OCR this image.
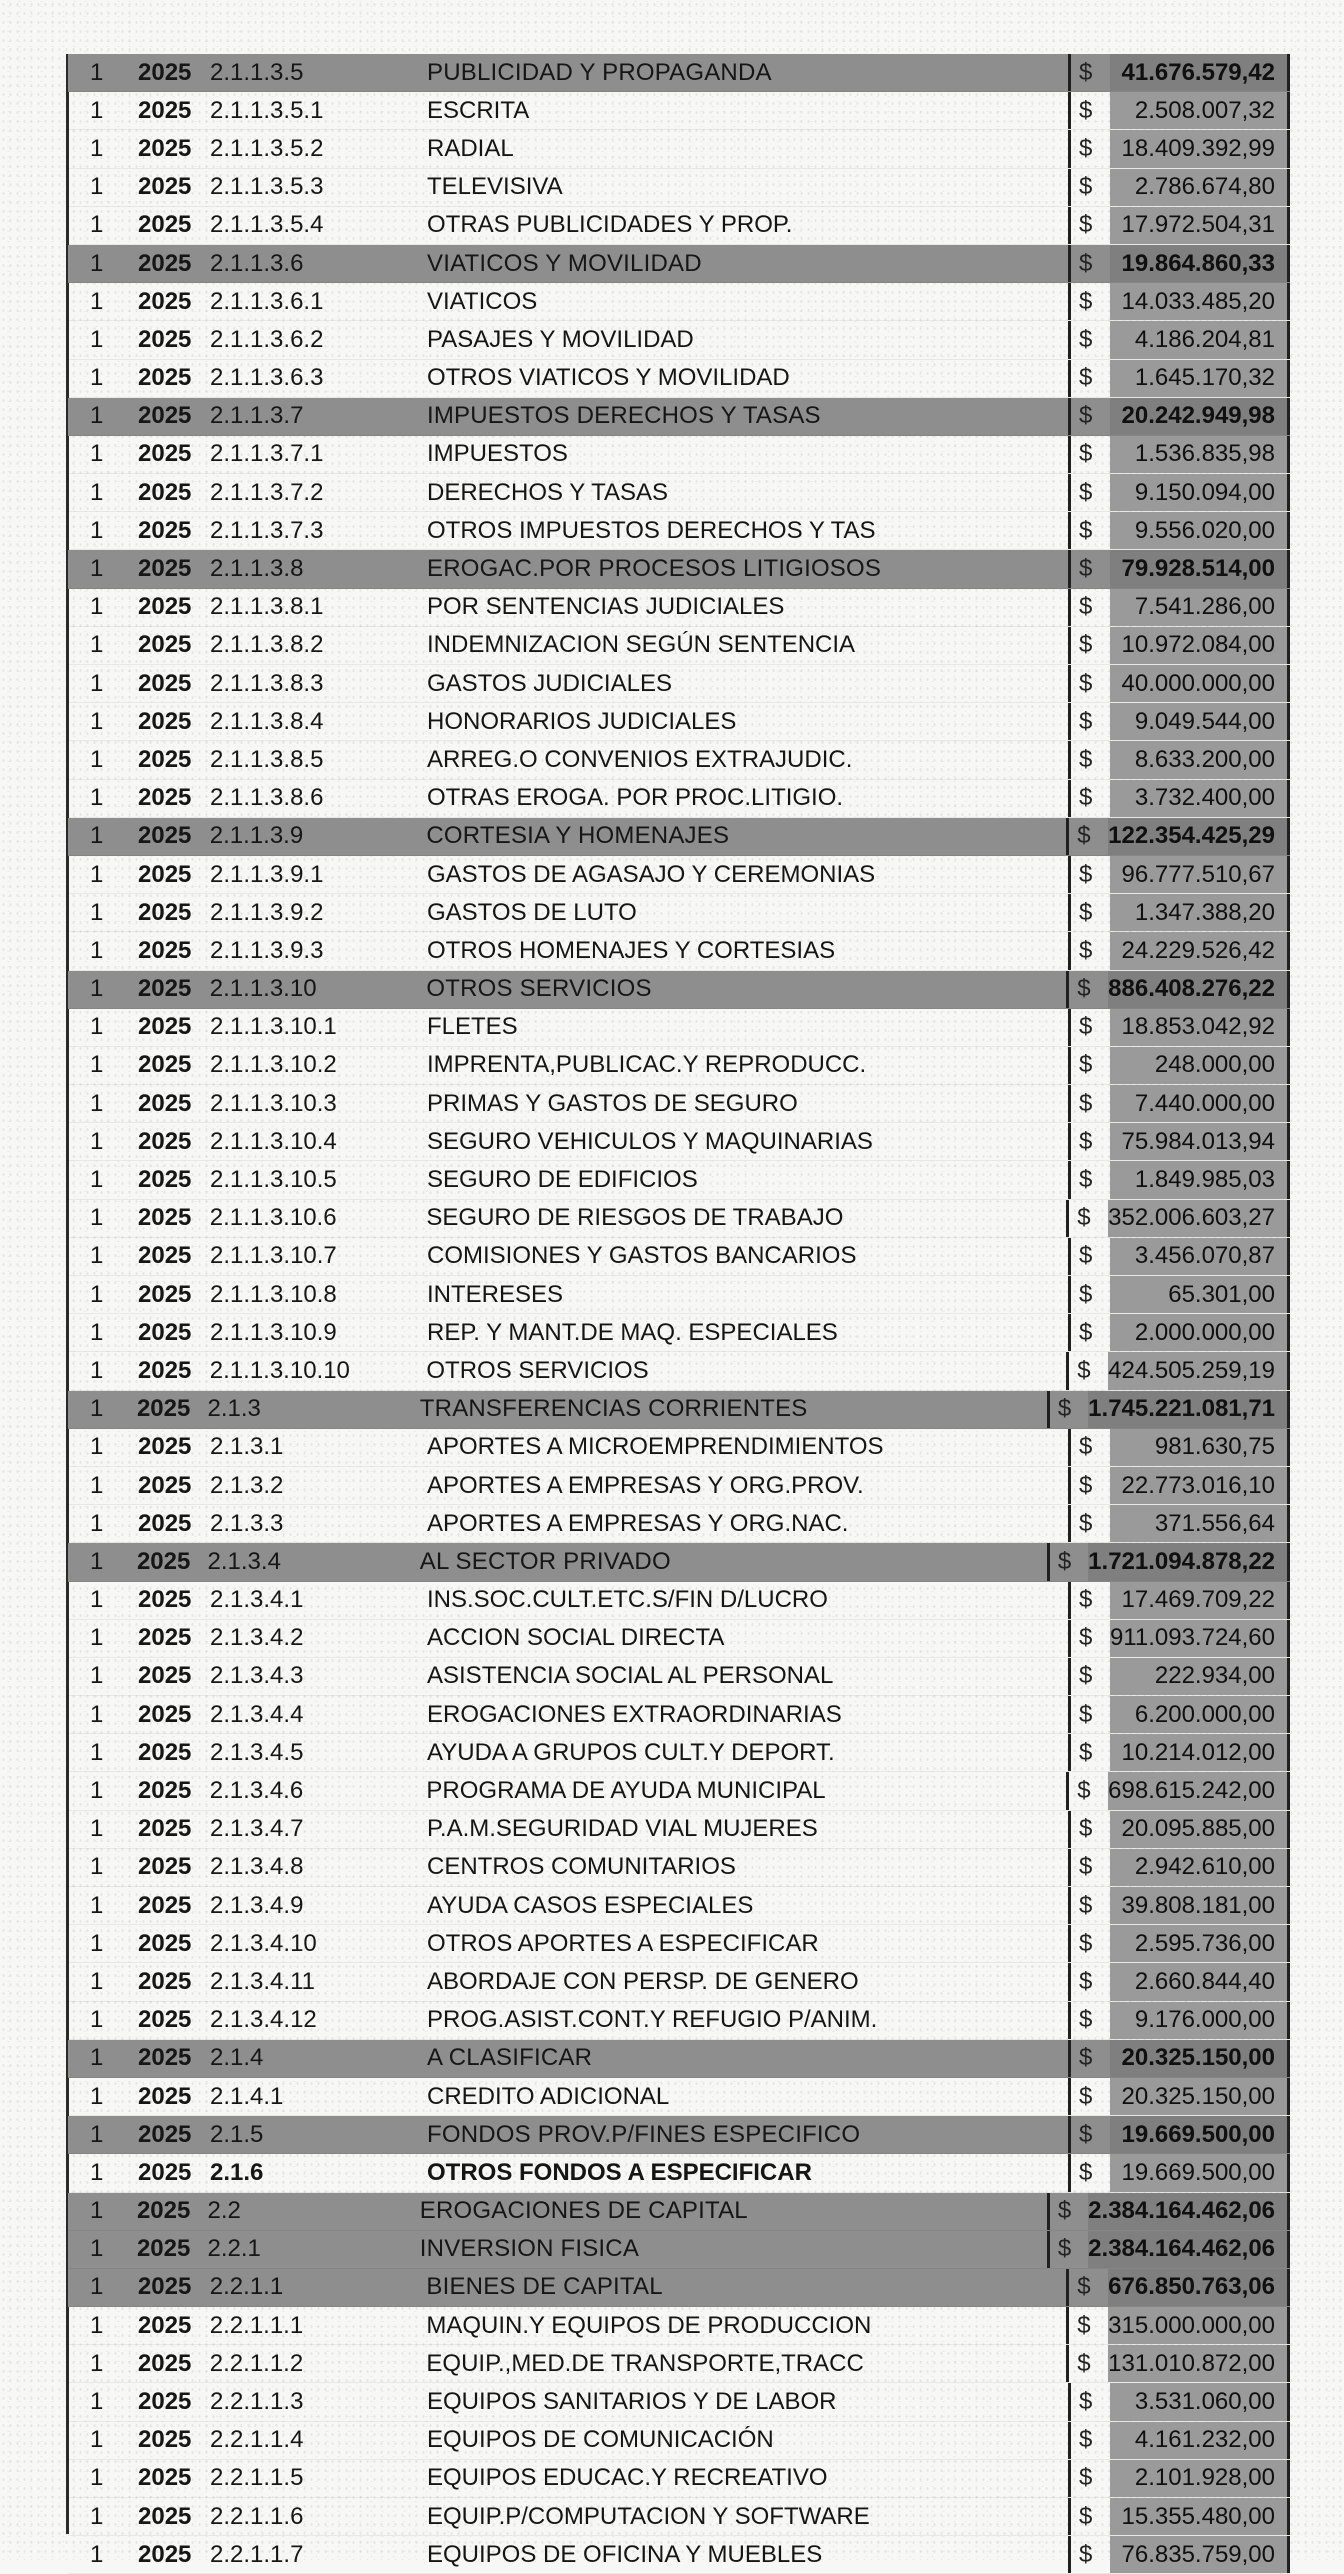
1	2025 2.1.1.3.5	PUBLICIDAD Y PROPAGANDA	$	41.676.579,42
1	2025 2.1.1.3.5.1	ESCRITA	$	2.508.007,32
1	2025 2.1.1.3.5.2	RADIAL	$	18.409.392,99
1	2025 2.1.1.3.5.3	TELEVISIVA	$	2.786.674,80
1	2025 2.1.1.3.5.4	OTRAS PUBLICIDADES Y PROP.	$	17.972.504,31
1	2025 2.1.1.3.6	VIATICOS Y MOVILIDAD	$	19.864.860,33
1	2025 2.1.1.3.6.1	VIATICOS	$	14.033.485,20
1	2025 2.1.1.3.6.2	PASAJES Y MOVILIDAD	$	4.186.204,81
1	2025 2.1.1.3.6.3	OTROS VIATICOS Y MOVILIDAD	$	1.645.170,32
1	2025 2.1.1.3.7	IMPUESTOS DERECHOS Y TASAS	$	20.242.949,98
1	2025 2.1.1.3.7.1	IMPUESTOS	$	1.536.835,98
1	2025 2.1.1.3.7.2	DERECHOS Y TASAS	$	9.150.094,00
1	2025 2.1.1.3.7.3	OTROS IMPUESTOS DERECHOS Y TAS	$	9.556.020,00
1	2025 2.1.1.3.8	EROGAC.POR PROCESOS LITIGIOSOS	$	79.928.514,00
1	2025 2.1.1.3.8.1	POR SENTENCIAS JUDICIALES	$	7.541.286,00
1	2025 2.1.1.3.8.2	INDEMNIZACION SEGÚN SENTENCIA	$	10.972.084,00
1	2025 2.1.1.3.8.3	GASTOS JUDICIALES	$	40.000.000,00
1	2025 2.1.1.3.8.4	HONORARIOS JUDICIALES	$	9.049.544,00
1	2025 2.1.1.3.8.5	ARREG.O CONVENIOS EXTRAJUDIC.	$	8.633.200,00
1	2025 2.1.1.3.8.6	OTRAS EROGA. POR PROC.LITIGIO.	$	3.732.400,00
1	2025 2.1.1.3.9	CORTESIA Y HOMENAJES	$ 122.354.425,29
1	2025 2.1.1.3.9.1	GASTOS DE AGASAJO Y CEREMONIAS	$	96.777.510,67
1	2025 2.1.1.3.9.2	GASTOS DE LUTO	$	1.347.388,20
1	2025 2.1.1.3.9.3	OTROS HOMENAJES Y CORTESIAS	$	24.229.526,42
1	2025 2.1.1.3.10	OTROS SERVICIOS	$ 886.408.276,22
1	2025 2.1.1.3.10.1	FLETES	$	18.853.042,92
1	2025 2.1.1.3.10.2	IMPRENTA,PUBLICAC.Y REPRODUCC.	$	248.000,00
1	2025 2.1.1.3.10.3	PRIMAS Y GASTOS DE SEGURO	$	7.440.000,00
1	2025 2.1.1.3.10.4	SEGURO VEHICULOS Y MAQUINARIAS	$	75.984.013,94
1	2025 2.1.1.3.10.5	SEGURO DE EDIFICIOS	$	1.849.985,03
1	2025 2.1.1.3.10.6	SEGURO DE RIESGOS DE TRABAJO	$ 352.006.603,27
1	2025 2.1.1.3.10.7	COMISIONES Y GASTOS BANCARIOS	$	3.456.070,87
1	2025 2.1.1.3.10.8	INTERESES	$	65.301,00
1	2025 2.1.1.3.10.9	REP. Y MANT.DE MAQ. ESPECIALES	$	2.000.000,00
1	2025 2.1.1.3.10.10	OTROS SERVICIOS	$ 424.505.259,19
1	2025 2.1.3	TRANSFERENCIAS CORRIENTES	$ 1.745.221.081,71
1	2025 2.1.3.1	APORTES A MICROEMPRENDIMIENTOS	$	981.630,75
1	2025 2.1.3.2	APORTES A EMPRESAS Y ORG.PROV.	$	22.773.016,10
1	2025 2.1.3.3	APORTES A EMPRESAS Y ORG.NAC.	$	371.556,64
1	2025 2.1.3.4	AL SECTOR PRIVADO	$ 1.721.094.878,22
1	2025 2.1.3.4.1	INS.SOC.CULT.ETC.S/FIN D/LUCRO	$	17.469.709,22
1	2025 2.1.3.4.2	ACCION SOCIAL DIRECTA	$ 911.093.724,60
1	2025 2.1.3.4.3	ASISTENCIA SOCIAL AL PERSONAL	$	222.934,00
1	2025 2.1.3.4.4	EROGACIONES EXTRAORDINARIAS	$	6.200.000,00
1	2025 2.1.3.4.5	AYUDA A GRUPOS CULT.Y DEPORT.	$	10.214.012,00
1	2025 2.1.3.4.6	PROGRAMA DE AYUDA MUNICIPAL	$ 698.615.242,00
1	2025 2.1.3.4.7	P.A.M.SEGURIDAD VIAL MUJERES	$	20.095.885,00
1	2025 2.1.3.4.8	CENTROS COMUNITARIOS	$	2.942.610,00
1	2025 2.1.3.4.9	AYUDA CASOS ESPECIALES	$	39.808.181,00
1	2025 2.1.3.4.10	OTROS APORTES A ESPECIFICAR	$	2.595.736,00
1	2025 2.1.3.4.11	ABORDAJE CON PERSP. DE GENERO	$	2.660.844,40
1	2025 2.1.3.4.12	PROG.ASIST.CONT.Y REFUGIO P/ANIM.	$	9.176.000,00
1	2025 2.1.4	A CLASIFICAR	$	20.325.150,00
1	2025 2.1.4.1	CREDITO ADICIONAL	$	20.325.150,00
1	2025 2.1.5	FONDOS PROV.P/FINES ESPECIFICO	$	19.669.500,00
1	2025 2.1.6	OTROS FONDOS A ESPECIFICAR	$	19.669.500,00
1	2025 2.2	EROGACIONES DE CAPITAL	$ 2.384.164.462,06
1	2025 2.2.1	INVERSION FISICA	$ 2.384.164.462,06
1	2025 2.2.1.1	BIENES DE CAPITAL	$ 676.850.763,06
1	2025 2.2.1.1.1	MAQUIN.Y EQUIPOS DE PRODUCCION	$ 315.000.000,00
1	2025 2.2.1.1.2	EQUIP.,MED.DE TRANSPORTE,TRACC	$ 131.010.872,00
1	2025 2.2.1.1.3	EQUIPOS SANITARIOS Y DE LABOR	$	3.531.060,00
1	2025 2.2.1.1.4	EQUIPOS DE COMUNICACIÓN	$	4.161.232,00
1	2025 2.2.1.1.5	EQUIPOS EDUCAC.Y RECREATIVO	$	2.101.928,00
1	2025 2.2.1.1.6	EQUIP.P/COMPUTACION Y SOFTWARE	$	15.355.480,00
1	2025 2.2.1.1.7	EQUIPOS DE OFICINA Y MUEBLES	$	76.835.759,00
